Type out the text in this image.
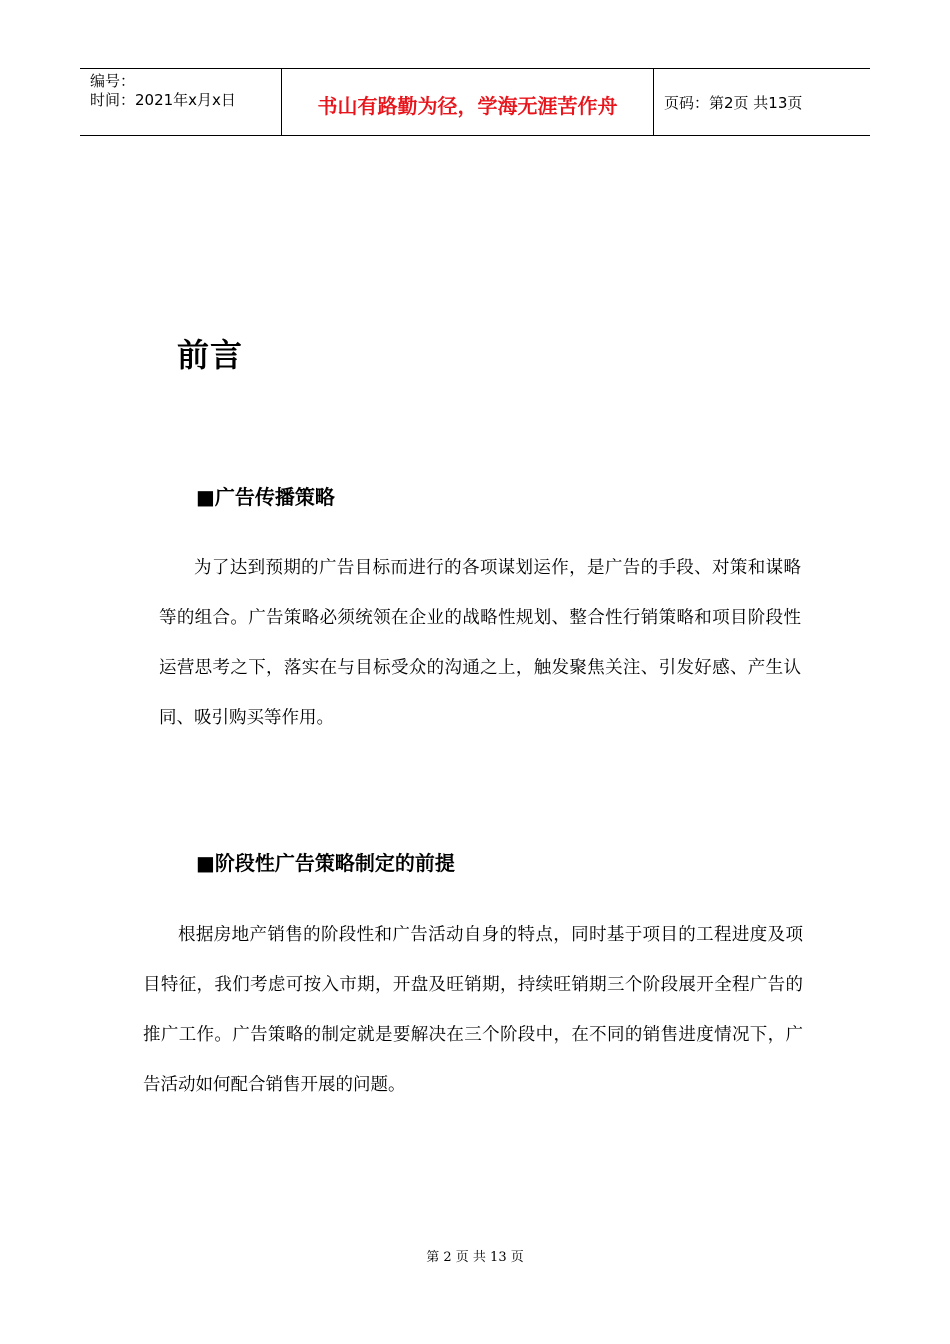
编号：
时间：2021年x月x日	书山有路勤为径，学海无涯苦作舟	页码：第2页 共13页
前言
■广告传播策略

为了达到预期的广告目标而进行的各项谋划运作，是广告的手段、对策和谋略等的组合。广告策略必须统领在企业的战略性规划、整合性行销策略和项目阶段性运营思考之下，落实在与目标受众的沟通之上，触发聚焦关注、引发好感、产生认同、吸引购买等作用。

■阶段性广告策略制定的前提

根据房地产销售的阶段性和广告活动自身的特点，同时基于项目的工程进度及项目特征，我们考虑可按入市期，开盘及旺销期，持续旺销期三个阶段展开全程广告的推广工作。广告策略的制定就是要解决在三个阶段中，在不同的销售进度情况下，广告活动如何配合销售开展的问题。

第 2 页 共 13 页
